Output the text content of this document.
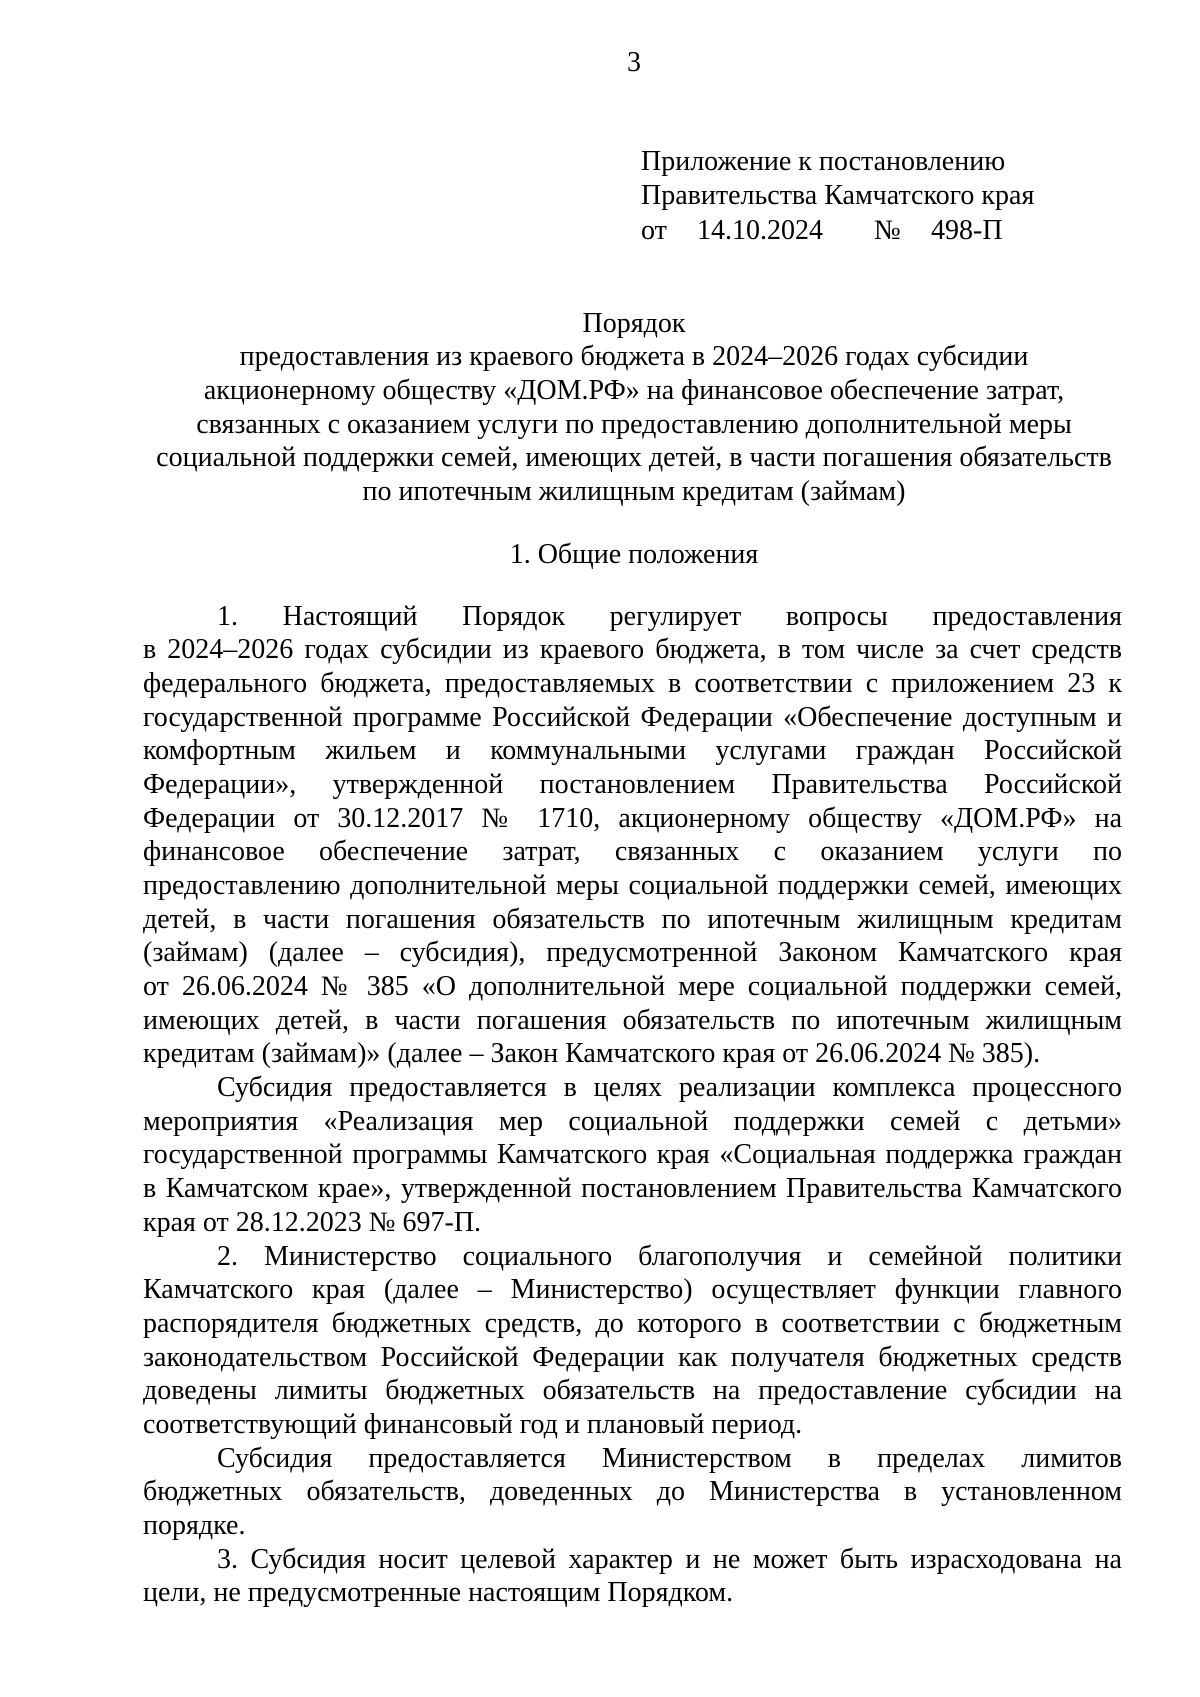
3
Приложение к постановлению
Правительства Камчатского края
от 14.10.2024 № 498-П
Порядок
предоставления из краевого бюджета в 2024–2026 годах субсидии
акционерному обществу «ДОМ.РФ» на финансовое обеспечение затрат,
связанных с оказанием услуги по предоставлению дополнительной меры
социальной поддержки семей, имеющих детей, в части погашения обязательств
по ипотечным жилищным кредитам (займам)
1. Общие положения
1. Настоящий Порядок регулирует вопросы предоставления
в 2024–2026 годах субсидии из краевого бюджета, в том числе за счет средств
федерального бюджета, предоставляемых в соответствии с приложением 23 к
государственной программе Российской Федерации «Обеспечение доступным и
комфортным жильем и коммунальными услугами граждан Российской
Федерации», утвержденной постановлением Правительства Российской
Федерации от 30.12.2017 № 1710, акционерному обществу «ДОМ.РФ» на
финансовое обеспечение затрат, связанных с оказанием услуги по
предоставлению дополнительной меры социальной поддержки семей, имеющих
детей, в части погашения обязательств по ипотечным жилищным кредитам
(займам) (далее – субсидия), предусмотренной Законом Камчатского края
от 26.06.2024 № 385 «О дополнительной мере социальной поддержки семей,
имеющих детей, в части погашения обязательств по ипотечным жилищным
кредитам (займам)» (далее – Закон Камчатского края от 26.06.2024 № 385).
Субсидия предоставляется в целях реализации комплекса процессного
мероприятия «Реализация мер социальной поддержки семей с детьми»
государственной программы Камчатского края «Социальная поддержка граждан
в Камчатском крае», утвержденной постановлением Правительства Камчатского
края от 28.12.2023 № 697-П.
2. Министерство социального благополучия и семейной политики
Камчатского края (далее – Министерство) осуществляет функции главного
распорядителя бюджетных средств, до которого в соответствии с бюджетным
законодательством Российской Федерации как получателя бюджетных средств
доведены лимиты бюджетных обязательств на предоставление субсидии на
соответствующий финансовый год и плановый период.
Субсидия предоставляется Министерством в пределах лимитов
бюджетных обязательств, доведенных до Министерства в установленном
порядке.
3. Субсидия носит целевой характер и не может быть израсходована на
цели, не предусмотренные настоящим Порядком.
